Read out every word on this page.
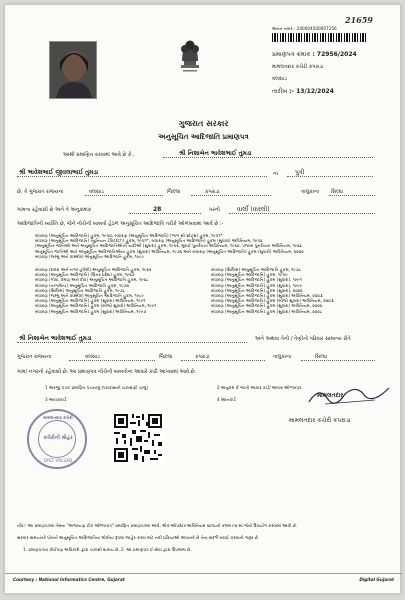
21659
અનન નંબર : 240004500007256
પ્રમાણપત્ર ક્રમાંક : 72956/2024
મામલતદાર કચેરી કપરાડા
વલસાડ
તારીખ :- 13/12/2024
ગુજરાત સરકાર
અનુસૂચિત આદિજાતિ પ્રમાણપત્ર
આથી પ્રમાણિત કરવામાં આવે છે કે ,	શ્રી નિશાબેન ભાવેશભાઈ તુમડા
શ્રી ભાવેશભાઈ જીવલાભાઈ તુમડા	ના	પુત્રી
છે, તે ગુજરાત રાજ્યના	વલસાડ	જિલ્લા	કપરાડા	તાલુકાના સિલ્ધા
ગામના રહેવાસી છે અને તે અનુક્રમાંક	28	પરની	વાર્લી (વારલી)
આદિજાતિની વ્યક્તિ છે, જેને નીચેની બાબતો હેઠળ અનુસૂચિત આદિજાતિ તરીકે ઓળખવામાં આવે છે :-
બંધારણ (અનુસૂચિત આદિજાતિ) હુકમ, ૧૯૫૦, બંધારણ (અનુસૂચિત આદિજાતિ) (ભાગ સી સ્ટેટ્સ) હુકમ, ૧૯૫૧*
બંધારણ (અનુસૂચિત આદિજાતિ) (યુનિયન ટેરિટરીઝ) હુકમ, ૧૯૫૧*, બંધારણ (અનુસૂચિત આદિજાતિ) હુકમ (સુધારા) અધિનિયમ, ૧૯૫૬
(અનુસૂચિત જાતિઓ અને અનુસૂચિત આદિજાતિઓની યાદીઓ (સુધારા) હુકમ, ૧૯૫૬, મુંબઈ પુનર્રચના અધિનિયમ, ૧૯૬૦, પંજાબ પુનર્રચના અધિનિયમ, ૧૯૬૬
અનુસૂચિત જાતિઓ અને અનુસૂચિત આદિજાતિઓના હુકમ (સુધારા) અધિનિયમ, ૧૯૭૬ અને બંધારણ (અનુસૂચિત આદિજાતિ) હુકમ (સુધારો) અધિનિયમ, ૨૦૦૨
બંધારણ (જમ્મુ અને કાશ્મીર) અનુસૂચિત આદિજાતિ હુકમ, ૧૯૮૯
બંધારણ (દાદરા અને નગર હવેલી) અનુસૂચિત આદિજાતિ હુકમ, ૧૯૬૨
બંધારણ (અનુસૂચિત આદિજાતિ) (ઉત્તર પ્રદેશ) હુકમ, ૧૯૬૭
બંધારણ (ગોવા, દમણ અને દીવ) અનુસૂચિત આદિજાતિ હુકમ, ૧૯૬૮
બંધારણ (નાગાલેન્ડ) અનુસૂચિત આદિજાતિ હુકમ, ૧૯૭૦
બંધારણ (સિક્કિમ) અનુસૂચિત આદિજાતિ હુકમ, ૧૯૭૮
બંધારણ (જમ્મુ અને કાશ્મીર) અનુસૂચિત આદિજાતિ હુકમ, ૧૯૮૯
બંધારણ (અનુસૂચિત આદિજાતિ) હુકમ (સુધારા) અધિનિયમ, ૧૯૯૧
બંધારણ (અનુસૂચિત આદિજાતિ) હુકમ (બીજો સુધારો) અધિનિયમ, ૧૯૯૧
બંધારણ (અનુસૂચિત આદિજાતિ) હુકમ (સુધારા) અધિનિયમ, ૧૯૯૭
બંધારણ (સિક્કિમ) અનુસૂચિત આદિજાતિ હુકમ, ૧૯૭૮
બંધારણ (અનુસૂચિત આદિજાતિ) હુકમ, ૧૯૫૯
બંધારણ (અનુસૂચિત આદિજાતિ) હુકમ (સુધારા), ૧૯૯૧
બંધારણ (અનુસૂચિત આદિજાતિ) હુકમ (સુધારા), ૧૯૯૯
બંધારણ (અનુસૂચિત આદિજાતિ) હુકમ (સુધારા), ૨૦૦૨
બંધારણ (અનુસૂચિત આદિજાતિ) હુકમ (સુધારા) અધિનિયમ, ૨૦૦૩
બંધારણ (અનુસૂચિત આદિજાતિ) હુકમ (બીજો સુધારા) અધિનિયમ, ૨૦૦૩
બંધારણ (અનુસૂચિત આદિજાતિ) હુકમ (સુધારા) અધિનિયમ, ૨૦૦૬
બંધારણ (અનુસૂચિત આદિજાતિ) હુકમ (સુધારા) અધિનિયમ, ૨૦૦૮
શ્રી નિશાબેન ભાવેશભાઈ તુમડા	અને અથવા તેની / તેણીનો પરિવાર સામાન્ય રીતે
ગુજરાત રાજ્યના	વલસાડ	જિલ્લા	કપરાડા	તાલુકાના	સિલ્ધા
ગામ/ નગરનો રહેવાસી છે. આ પ્રમાણપત્ર નીચેની બાબતોના આધારે કાઢી આપવામાં આવે છે.
1 અરજી પત્રક પ્રમાણિત પંચનામું (પરાકાસની ચકાસણી ચાલુ)	2 અનુક્રમ કે જાતી આધાર કાર્ડ/ આધાર ઓળખપત્ર.
3 આધારકાર્ડ	4 રેશનકાર્ડ
મામલતદાર કચેરી
કચેરીની મોહર
DIST. VALSAD
મામલતદાર
મામલતદાર કચેરી કપરાડા
નોંધ:- આ પ્રમાણપત્રમાં તેમના "અજાયણ ટીક ઓળખપત્ર" પ્રમાણિત પ્રમાણપત્રમાં આવે, એક-ઓપરેટર અધિનિયમ ૨૦૧૮ની કલમ ૯૦-માં જેનો ઉપયોગ કરવામાં આવી છે.
સરકાર સમયાંતરે પોતાને અનુસૂચિત આદિજાતિના લોકોના રૂપમાં જાહેર કરવા માટે નવી પ્રક્રિયાઓ અપનાવે છે તેના સંદર્ભે ખરાઈ કરવાની જરૂર છે.
1. પ્રમાણપત્રના કોઈપણ અધિકારી દ્વારા ચકાસી શકાય છે, 2. આ પ્રમાણપત્ર ઈ-સેવા દ્વારા ઉપલબ્ધ છે.
Courtesy : National Informatics Centre, Gujarat	Digital Gujarat
